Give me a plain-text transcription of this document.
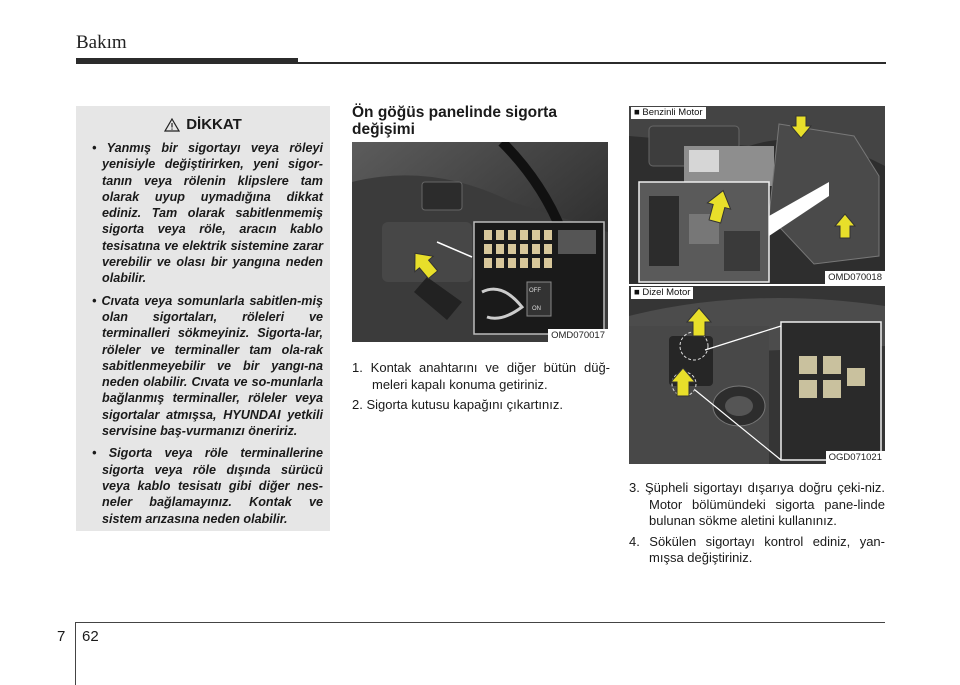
Bakım
DİKKAT
• Yanmış bir sigortayı veya röleyi yenisiyle değiştirirken, yeni sigor-tanın veya rölenin klipslere tam olarak uyup uymadığına dikkat ediniz. Tam olarak sabitlenmemiş sigorta veya röle, aracın kablo tesisatına ve elektrik sistemine zarar verebilir ve olası bir yangına neden olabilir.
• Cıvata veya somunlarla sabitlen-miş olan sigortaları, röleleri ve terminalleri sökmeyiniz. Sigorta-lar, röleler ve terminaller tam ola-rak sabitlenmeyebilir ve bir yangı-na neden olabilir. Cıvata ve so-munlarla bağlanmış terminaller, röleler veya sigortalar atmışsa, HYUNDAI yetkili servisine baş-vurmanızı öneririz.
• Sigorta veya röle terminallerine sigorta veya röle dışında sürücü veya kablo tesisatı gibi diğer nes-neler bağlamayınız. Kontak ve sistem arızasına neden olabilir.
Ön göğüs panelinde sigorta değişimi
OFF
ON
OMD070017

1. Kontak anahtarını ve diğer bütün düğ-meleri kapalı konuma getiriniz.

2. Sigorta kutusu kapağını çıkartınız.

■ Benzinli Motor
OMD070018
■ Dizel Motor
OGD071021

3. Şüpheli sigortayı dışarıya doğru çeki-niz. Motor bölümündeki sigorta pane-linde bulunan sökme aletini kullanınız.

4. Sökülen sigortayı kontrol ediniz, yan-mışsa değiştiriniz.

7 62
